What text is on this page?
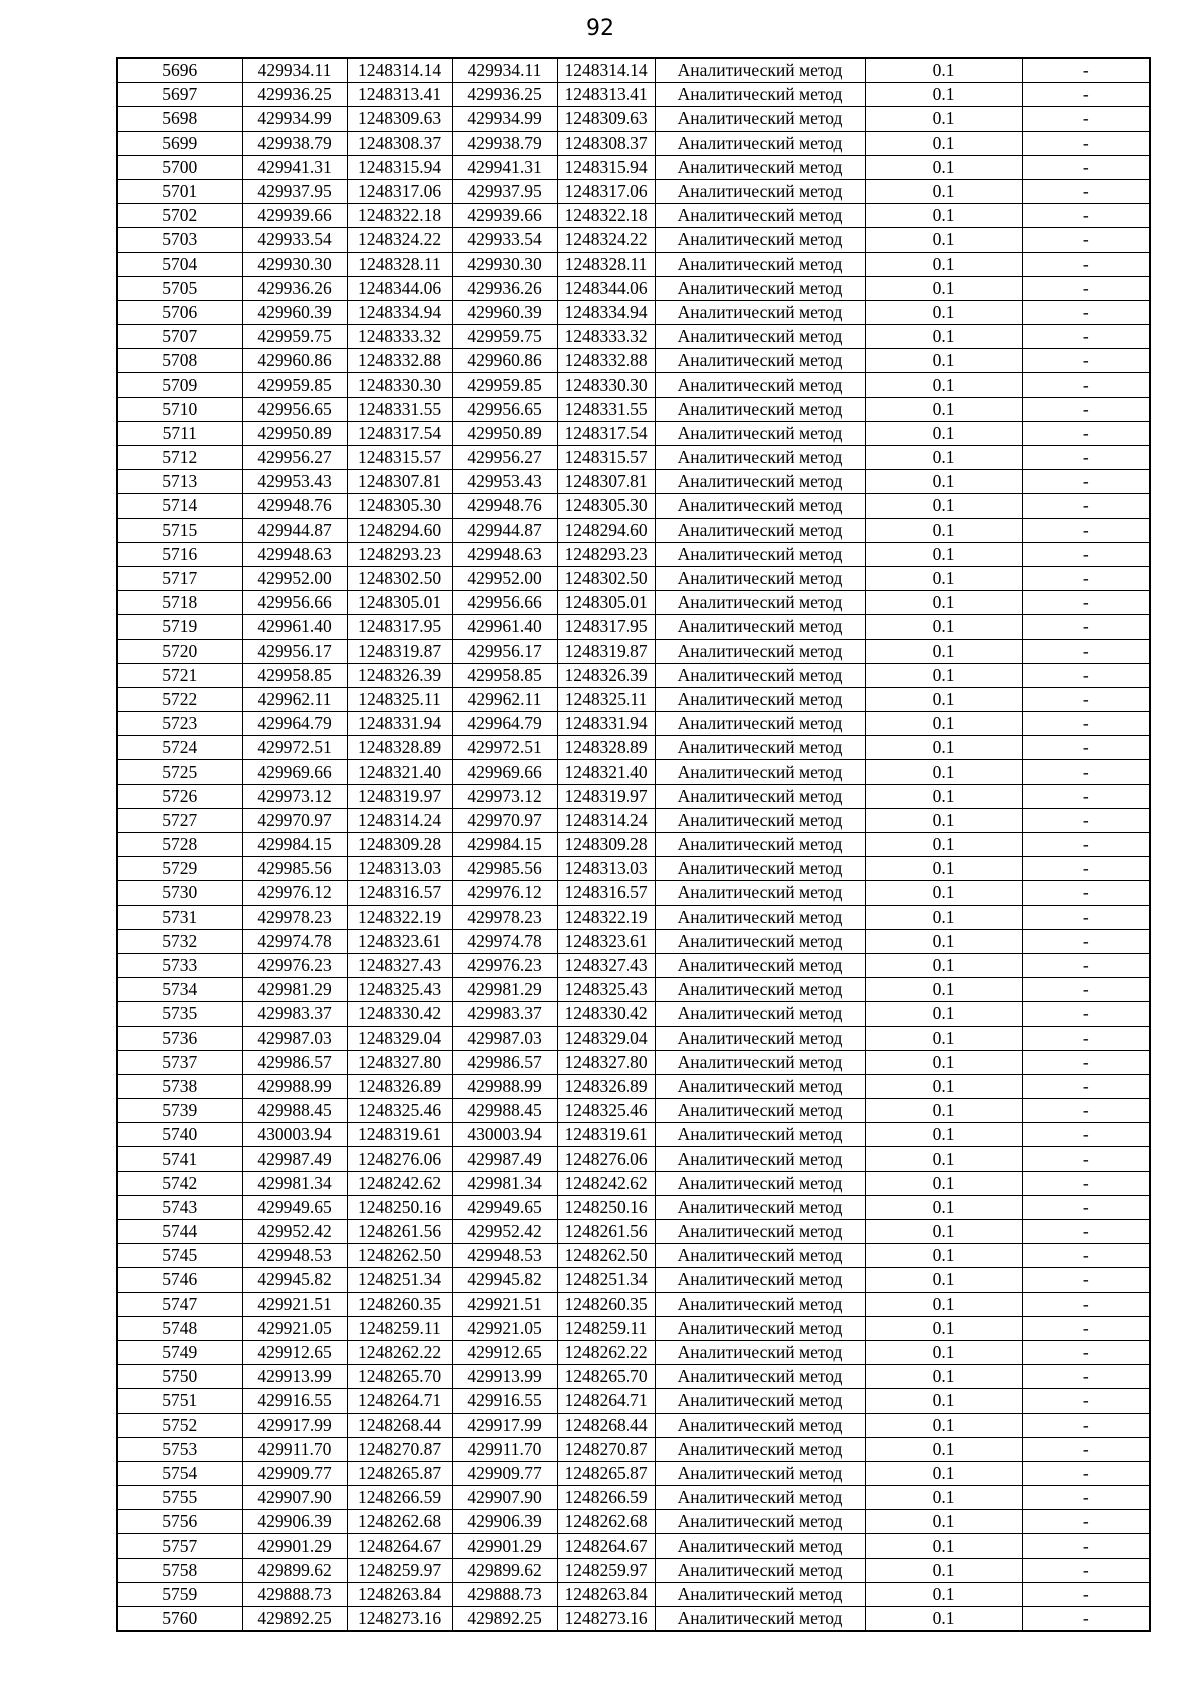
92
5696	429934.11	1248314.14	429934.11	1248314.14	Аналитический метод	0.1	-
5697	429936.25	1248313.41	429936.25	1248313.41	Аналитический метод	0.1	-
5698	429934.99	1248309.63	429934.99	1248309.63	Аналитический метод	0.1	-
5699	429938.79	1248308.37	429938.79	1248308.37	Аналитический метод	0.1	-
5700	429941.31	1248315.94	429941.31	1248315.94	Аналитический метод	0.1	-
5701	429937.95	1248317.06	429937.95	1248317.06	Аналитический метод	0.1	-
5702	429939.66	1248322.18	429939.66	1248322.18	Аналитический метод	0.1	-
5703	429933.54	1248324.22	429933.54	1248324.22	Аналитический метод	0.1	-
5704	429930.30	1248328.11	429930.30	1248328.11	Аналитический метод	0.1	-
5705	429936.26	1248344.06	429936.26	1248344.06	Аналитический метод	0.1	-
5706	429960.39	1248334.94	429960.39	1248334.94	Аналитический метод	0.1	-
5707	429959.75	1248333.32	429959.75	1248333.32	Аналитический метод	0.1	-
5708	429960.86	1248332.88	429960.86	1248332.88	Аналитический метод	0.1	-
5709	429959.85	1248330.30	429959.85	1248330.30	Аналитический метод	0.1	-
5710	429956.65	1248331.55	429956.65	1248331.55	Аналитический метод	0.1	-
5711	429950.89	1248317.54	429950.89	1248317.54	Аналитический метод	0.1	-
5712	429956.27	1248315.57	429956.27	1248315.57	Аналитический метод	0.1	-
5713	429953.43	1248307.81	429953.43	1248307.81	Аналитический метод	0.1	-
5714	429948.76	1248305.30	429948.76	1248305.30	Аналитический метод	0.1	-
5715	429944.87	1248294.60	429944.87	1248294.60	Аналитический метод	0.1	-
5716	429948.63	1248293.23	429948.63	1248293.23	Аналитический метод	0.1	-
5717	429952.00	1248302.50	429952.00	1248302.50	Аналитический метод	0.1	-
5718	429956.66	1248305.01	429956.66	1248305.01	Аналитический метод	0.1	-
5719	429961.40	1248317.95	429961.40	1248317.95	Аналитический метод	0.1	-
5720	429956.17	1248319.87	429956.17	1248319.87	Аналитический метод	0.1	-
5721	429958.85	1248326.39	429958.85	1248326.39	Аналитический метод	0.1	-
5722	429962.11	1248325.11	429962.11	1248325.11	Аналитический метод	0.1	-
5723	429964.79	1248331.94	429964.79	1248331.94	Аналитический метод	0.1	-
5724	429972.51	1248328.89	429972.51	1248328.89	Аналитический метод	0.1	-
5725	429969.66	1248321.40	429969.66	1248321.40	Аналитический метод	0.1	-
5726	429973.12	1248319.97	429973.12	1248319.97	Аналитический метод	0.1	-
5727	429970.97	1248314.24	429970.97	1248314.24	Аналитический метод	0.1	-
5728	429984.15	1248309.28	429984.15	1248309.28	Аналитический метод	0.1	-
5729	429985.56	1248313.03	429985.56	1248313.03	Аналитический метод	0.1	-
5730	429976.12	1248316.57	429976.12	1248316.57	Аналитический метод	0.1	-
5731	429978.23	1248322.19	429978.23	1248322.19	Аналитический метод	0.1	-
5732	429974.78	1248323.61	429974.78	1248323.61	Аналитический метод	0.1	-
5733	429976.23	1248327.43	429976.23	1248327.43	Аналитический метод	0.1	-
5734	429981.29	1248325.43	429981.29	1248325.43	Аналитический метод	0.1	-
5735	429983.37	1248330.42	429983.37	1248330.42	Аналитический метод	0.1	-
5736	429987.03	1248329.04	429987.03	1248329.04	Аналитический метод	0.1	-
5737	429986.57	1248327.80	429986.57	1248327.80	Аналитический метод	0.1	-
5738	429988.99	1248326.89	429988.99	1248326.89	Аналитический метод	0.1	-
5739	429988.45	1248325.46	429988.45	1248325.46	Аналитический метод	0.1	-
5740	430003.94	1248319.61	430003.94	1248319.61	Аналитический метод	0.1	-
5741	429987.49	1248276.06	429987.49	1248276.06	Аналитический метод	0.1	-
5742	429981.34	1248242.62	429981.34	1248242.62	Аналитический метод	0.1	-
5743	429949.65	1248250.16	429949.65	1248250.16	Аналитический метод	0.1	-
5744	429952.42	1248261.56	429952.42	1248261.56	Аналитический метод	0.1	-
5745	429948.53	1248262.50	429948.53	1248262.50	Аналитический метод	0.1	-
5746	429945.82	1248251.34	429945.82	1248251.34	Аналитический метод	0.1	-
5747	429921.51	1248260.35	429921.51	1248260.35	Аналитический метод	0.1	-
5748	429921.05	1248259.11	429921.05	1248259.11	Аналитический метод	0.1	-
5749	429912.65	1248262.22	429912.65	1248262.22	Аналитический метод	0.1	-
5750	429913.99	1248265.70	429913.99	1248265.70	Аналитический метод	0.1	-
5751	429916.55	1248264.71	429916.55	1248264.71	Аналитический метод	0.1	-
5752	429917.99	1248268.44	429917.99	1248268.44	Аналитический метод	0.1	-
5753	429911.70	1248270.87	429911.70	1248270.87	Аналитический метод	0.1	-
5754	429909.77	1248265.87	429909.77	1248265.87	Аналитический метод	0.1	-
5755	429907.90	1248266.59	429907.90	1248266.59	Аналитический метод	0.1	-
5756	429906.39	1248262.68	429906.39	1248262.68	Аналитический метод	0.1	-
5757	429901.29	1248264.67	429901.29	1248264.67	Аналитический метод	0.1	-
5758	429899.62	1248259.97	429899.62	1248259.97	Аналитический метод	0.1	-
5759	429888.73	1248263.84	429888.73	1248263.84	Аналитический метод	0.1	-
5760	429892.25	1248273.16	429892.25	1248273.16	Аналитический метод	0.1	-
